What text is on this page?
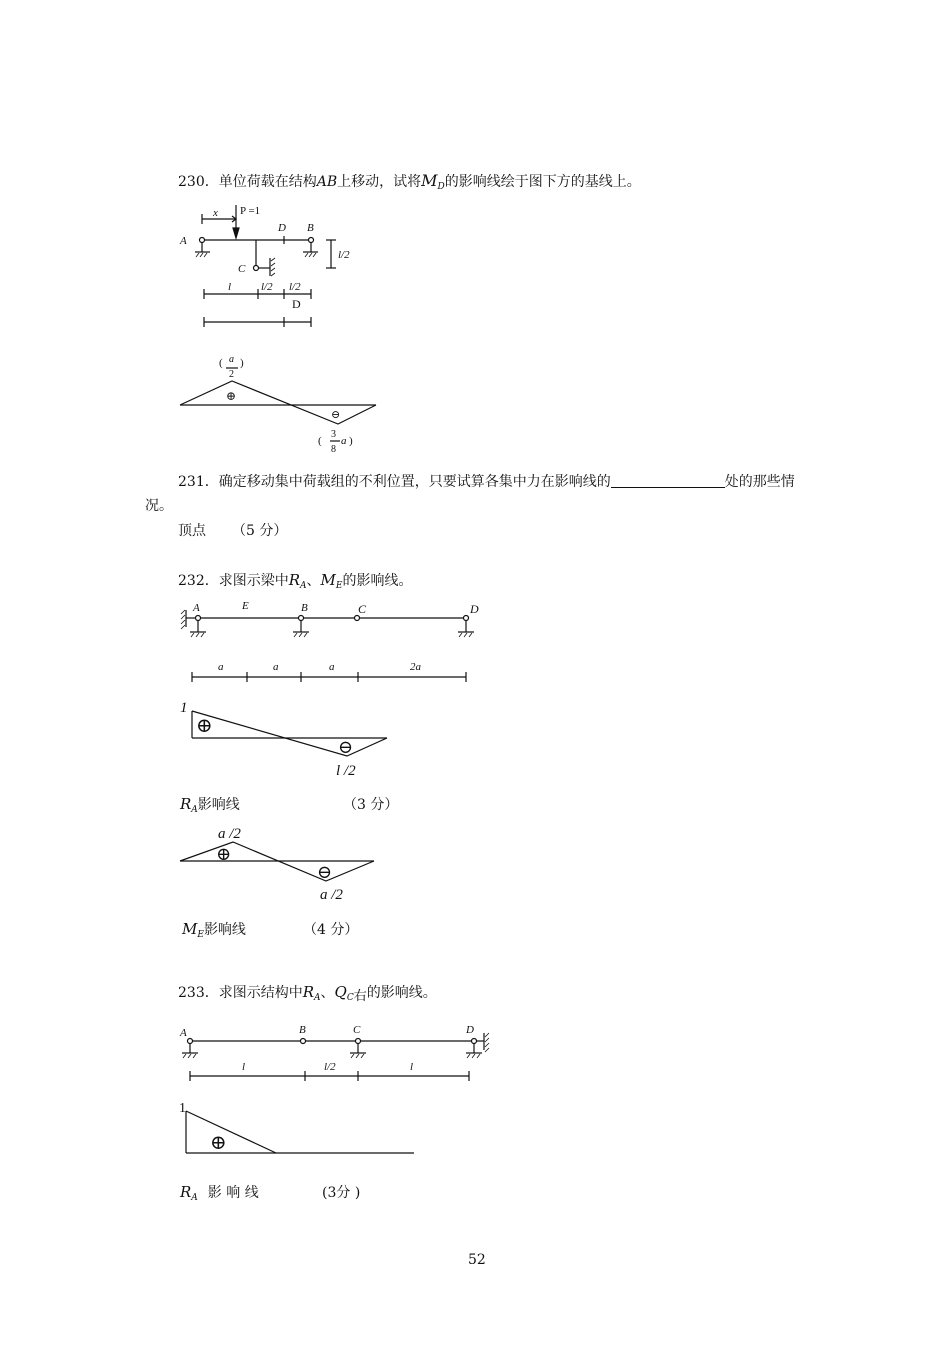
230．单位荷载在结构AB上移动，试将$M_D$的影响线绘于图下方的基线上。
x P =1
A
D B
C
l/2
l	l/2 l/2
D
( a
2
)
⊕
⊖
(
3
8
a )
231．确定移动集中荷载组的不利位置，只要试算各集中力在影响线的	处的那些情
况。
顶点 （5 分）
232．求图示梁中$R_A$、$M_E$的影响线。
A	E	B	C	D
a	a	a	2a
1
⊕
⊖
l /2
$R_A$影响线	（3 分）
a /2
⊕
⊖
a /2
$M_E$影响线	（4 分）
233．求图示结构中$R_A$、$Q_C$右的影响线。
A	B	C	D
l	l/2	l
1
⊕
$R_A$ 影 响 线	(3分 )
52
